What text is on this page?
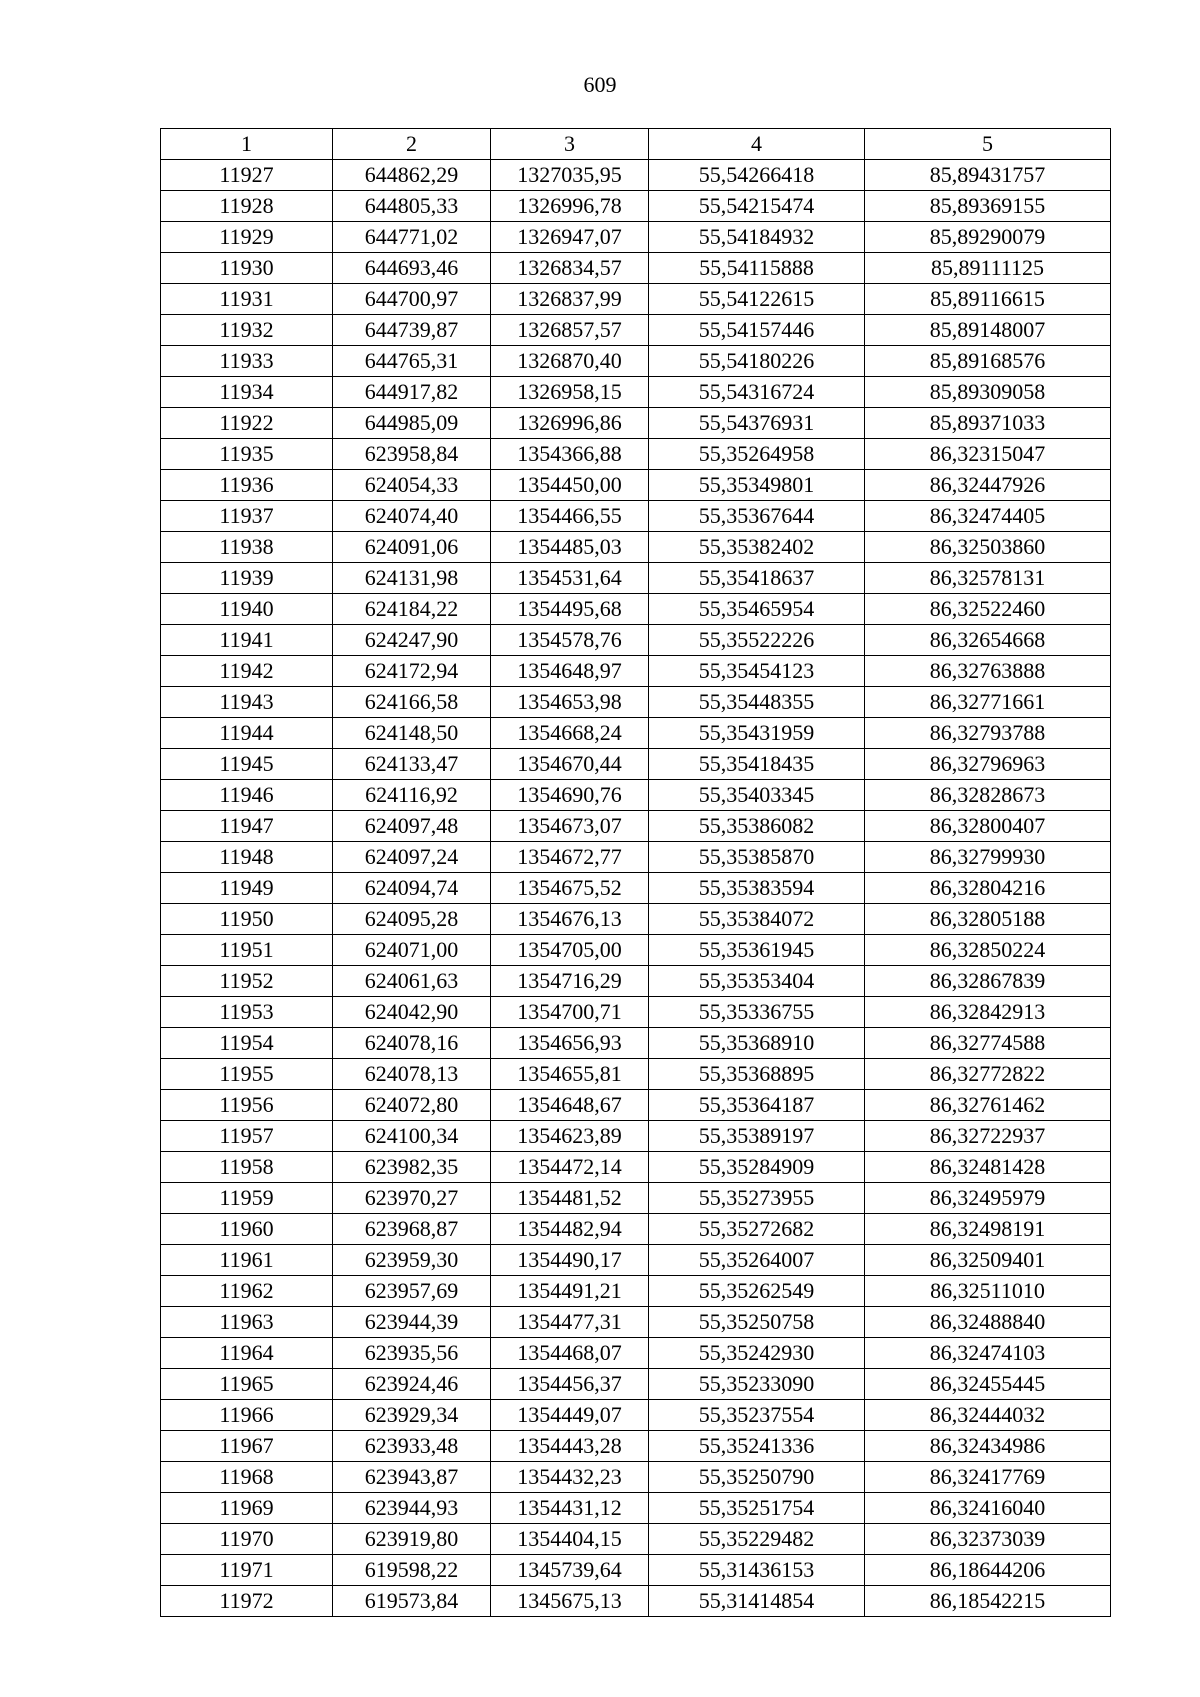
609
1	2	3	4	5
11927	644862,29	1327035,95	55,54266418	85,89431757
11928	644805,33	1326996,78	55,54215474	85,89369155
11929	644771,02	1326947,07	55,54184932	85,89290079
11930	644693,46	1326834,57	55,54115888	85,89111125
11931	644700,97	1326837,99	55,54122615	85,89116615
11932	644739,87	1326857,57	55,54157446	85,89148007
11933	644765,31	1326870,40	55,54180226	85,89168576
11934	644917,82	1326958,15	55,54316724	85,89309058
11922	644985,09	1326996,86	55,54376931	85,89371033
11935	623958,84	1354366,88	55,35264958	86,32315047
11936	624054,33	1354450,00	55,35349801	86,32447926
11937	624074,40	1354466,55	55,35367644	86,32474405
11938	624091,06	1354485,03	55,35382402	86,32503860
11939	624131,98	1354531,64	55,35418637	86,32578131
11940	624184,22	1354495,68	55,35465954	86,32522460
11941	624247,90	1354578,76	55,35522226	86,32654668
11942	624172,94	1354648,97	55,35454123	86,32763888
11943	624166,58	1354653,98	55,35448355	86,32771661
11944	624148,50	1354668,24	55,35431959	86,32793788
11945	624133,47	1354670,44	55,35418435	86,32796963
11946	624116,92	1354690,76	55,35403345	86,32828673
11947	624097,48	1354673,07	55,35386082	86,32800407
11948	624097,24	1354672,77	55,35385870	86,32799930
11949	624094,74	1354675,52	55,35383594	86,32804216
11950	624095,28	1354676,13	55,35384072	86,32805188
11951	624071,00	1354705,00	55,35361945	86,32850224
11952	624061,63	1354716,29	55,35353404	86,32867839
11953	624042,90	1354700,71	55,35336755	86,32842913
11954	624078,16	1354656,93	55,35368910	86,32774588
11955	624078,13	1354655,81	55,35368895	86,32772822
11956	624072,80	1354648,67	55,35364187	86,32761462
11957	624100,34	1354623,89	55,35389197	86,32722937
11958	623982,35	1354472,14	55,35284909	86,32481428
11959	623970,27	1354481,52	55,35273955	86,32495979
11960	623968,87	1354482,94	55,35272682	86,32498191
11961	623959,30	1354490,17	55,35264007	86,32509401
11962	623957,69	1354491,21	55,35262549	86,32511010
11963	623944,39	1354477,31	55,35250758	86,32488840
11964	623935,56	1354468,07	55,35242930	86,32474103
11965	623924,46	1354456,37	55,35233090	86,32455445
11966	623929,34	1354449,07	55,35237554	86,32444032
11967	623933,48	1354443,28	55,35241336	86,32434986
11968	623943,87	1354432,23	55,35250790	86,32417769
11969	623944,93	1354431,12	55,35251754	86,32416040
11970	623919,80	1354404,15	55,35229482	86,32373039
11971	619598,22	1345739,64	55,31436153	86,18644206
11972	619573,84	1345675,13	55,31414854	86,18542215
